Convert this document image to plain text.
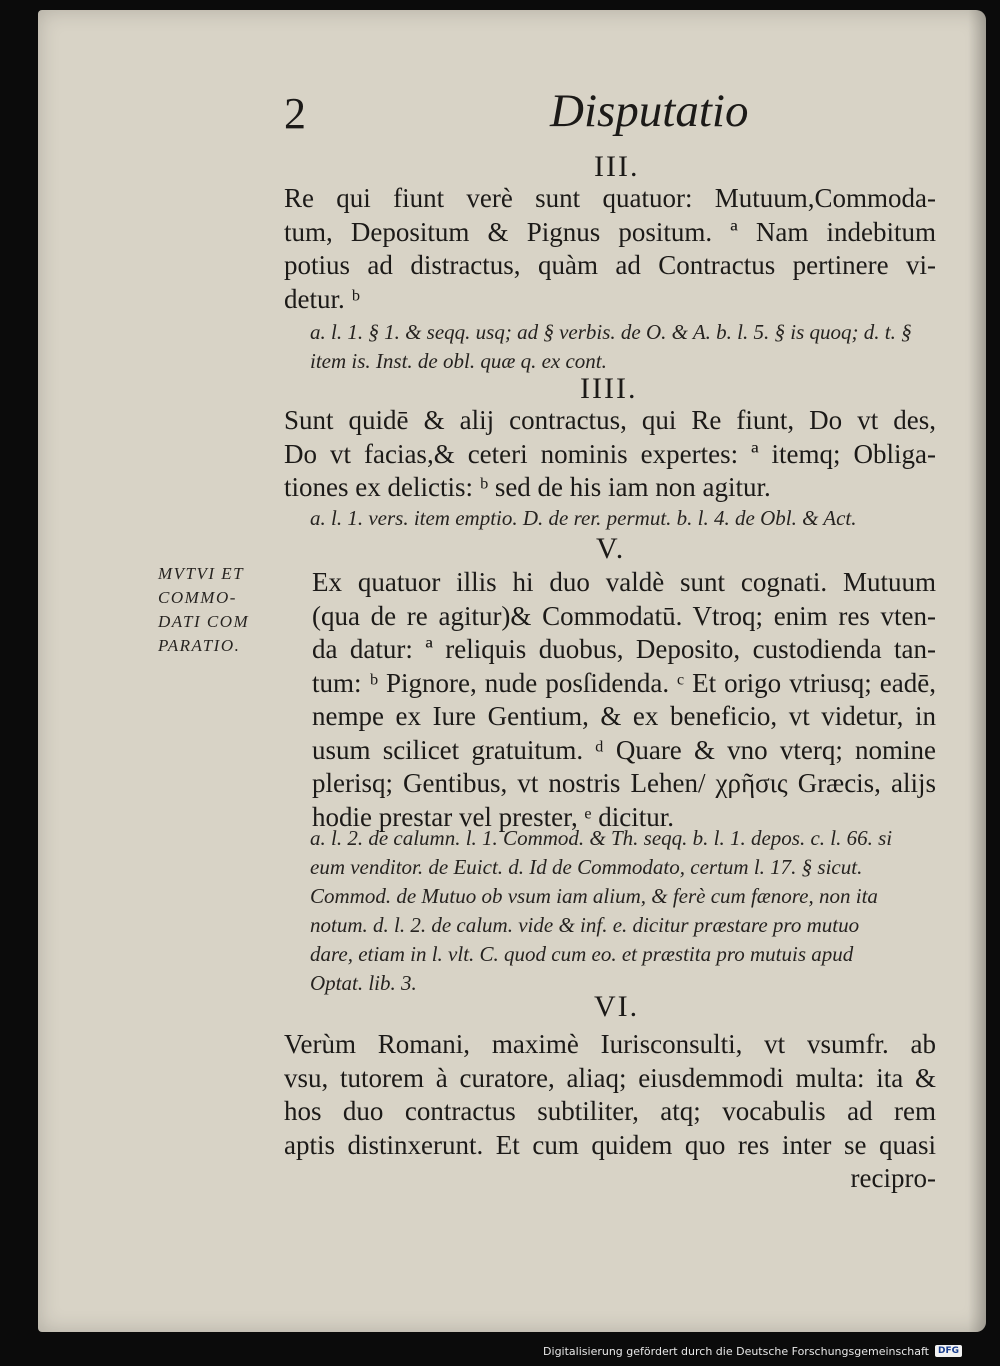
2	Disputatio
III.
Re qui fiunt verè sunt quatuor: Mutuum,Commoda-
tum, Depositum & Pignus positum. ª Nam indebitum
potius ad distractus, quàm ad Contractus pertinere vi-
detur. ᵇ
a. l. 1. § 1. & seqq. usq; ad § verbis. de O. & A. b. l. 5. § is quoq; d. t. §
item is. Inst. de obl. quæ q. ex cont.
IIII.
Sunt quidē & alij contractus, qui Re fiunt, Do vt des,
Do vt facias,& ceteri nominis expertes: ª itemq; Obliga-
tiones ex delictis: ᵇ sed de his iam non agitur.
a. l. 1. vers. item emptio. D. de rer. permut. b. l. 4. de Obl. & Act.
V.
MVTVI ET
COMMO-
DATI COM
PARATIO.
Ex quatuor illis hi duo valdè sunt cognati. Mutuum
(qua de re agitur)& Commodatū. Vtroq; enim res vten-
da datur: ª reliquis duobus, Deposito, custodienda tan-
tum: ᵇ Pignore, nude posſidenda. ᶜ Et origo vtriusq; eadē,
nempe ex Iure Gentium, & ex beneficio, vt videtur, in
usum scilicet gratuitum. ᵈ Quare & vno vterq; nomine
plerisq; Gentibus, vt nostris Lehen/ χρῆσις Græcis, alijs
hodie prestar vel prester, ᵉ dicitur.
a. l. 2. de calumn. l. 1. Commod. & Th. seqq. b. l. 1. depos. c. l. 66. si
eum venditor. de Euict. d. Id de Commodato, certum l. 17. § sicut.
Commod. de Mutuo ob vsum iam alium, & ferè cum fænore, non ita
notum. d. l. 2. de calum. vide & inf. e. dicitur præstare pro mutuo
dare, etiam in l. vlt. C. quod cum eo. et præstita pro mutuis apud
Optat. lib. 3.
VI.
Verùm Romani, maximè Iurisconsulti, vt vsumfr. ab
vsu, tutorem à curatore, aliaq; eiusdemmodi multa: ita &
hos duo contractus subtiliter, atq; vocabulis ad rem
aptis distinxerunt. Et cum quidem quo res inter se quasi
recipro-
Digitalisierung gefördert durch die Deutsche Forschungsgemeinschaft	DFG
